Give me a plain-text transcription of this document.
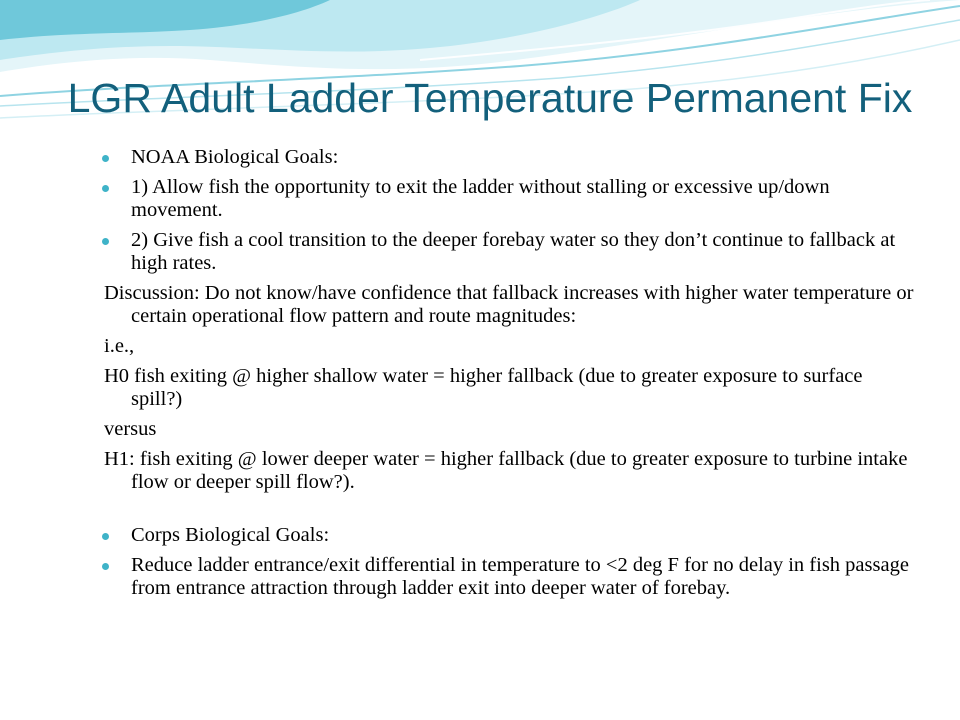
LGR Adult Ladder Temperature Permanent Fix
NOAA Biological Goals:
1) Allow fish the opportunity to exit the ladder without stalling or excessive up/down movement.
2) Give fish a cool transition to the deeper forebay water so they don’t continue to fallback at high rates.
Discussion: Do not know/have confidence that fallback increases with higher water temperature or certain operational flow pattern and route magnitudes:
i.e.,
H0 fish exiting @ higher shallow water = higher fallback (due to greater exposure to surface spill?)
versus
H1: fish exiting @ lower deeper water = higher fallback (due to greater exposure to turbine intake flow or deeper spill flow?).
Corps Biological Goals:
Reduce ladder entrance/exit differential in temperature to <2 deg F for no delay in fish passage from entrance attraction through ladder exit into deeper water of forebay.
